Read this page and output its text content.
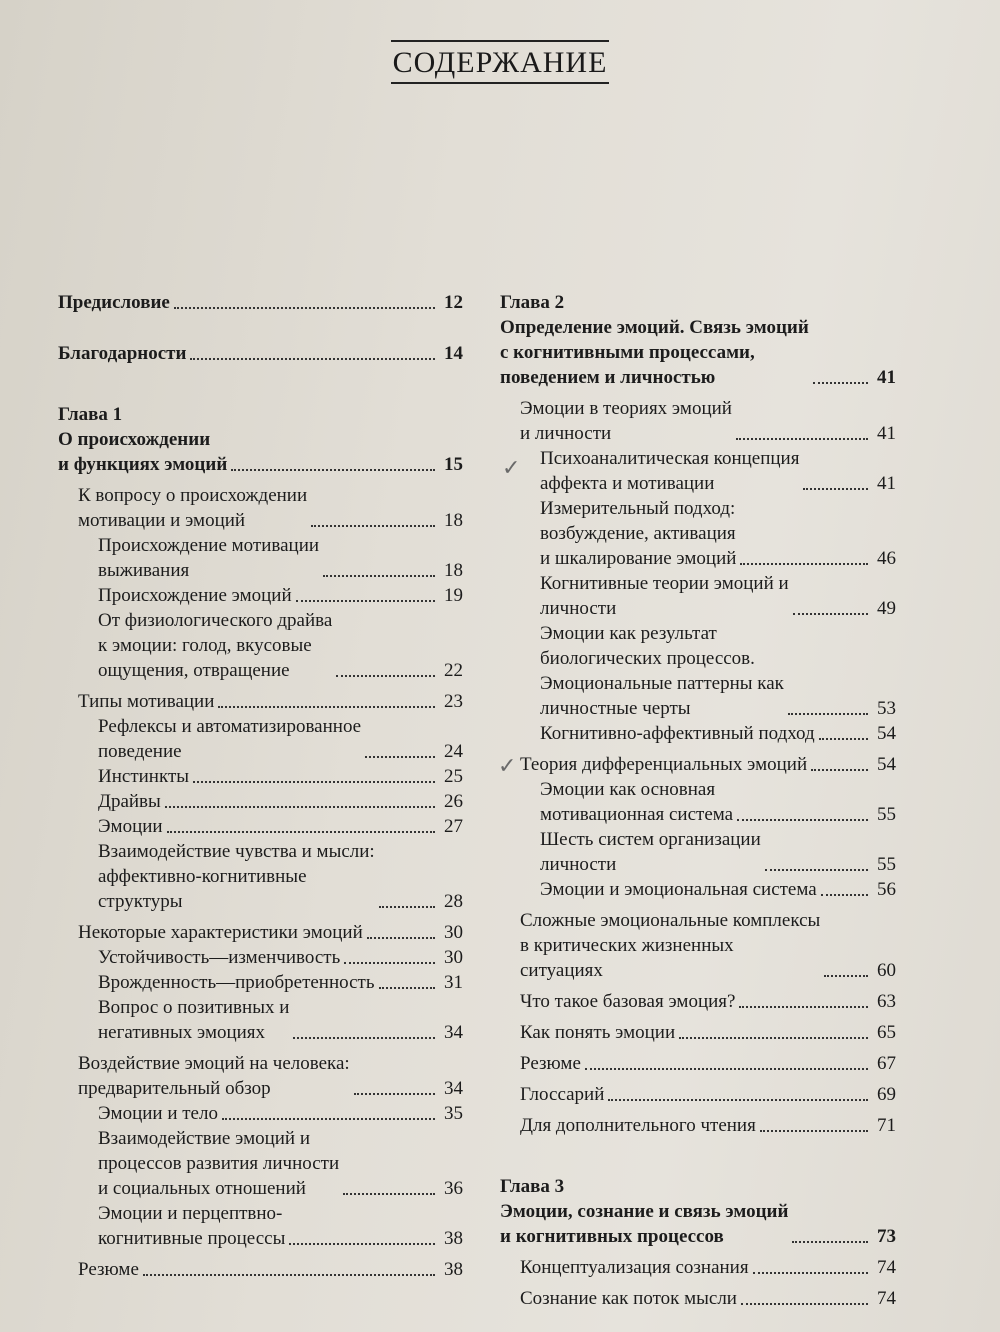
СОДЕРЖАНИЕ
Предисловие	12
Благодарности	14
Глава 1
О происхождении
и функциях эмоций	15
К вопросу о происхождении
мотивации и эмоций	18
Происхождение мотивации
выживания	18
Происхождение эмоций	19
От физиологического драйва
к эмоции: голод, вкусовые
ощущения, отвращение	22
Типы мотивации	23
Рефлексы и автоматизированное
поведение	24
Инстинкты	25
Драйвы	26
Эмоции	27
Взаимодействие чувства и мысли:
аффективно-когнитивные
структуры	28
Некоторые характеристики эмоций	30
Устойчивость—изменчивость	30
Врожденность—приобретенность	31
Вопрос о позитивных и
негативных эмоциях	34
Воздействие эмоций на человека:
предварительный обзор	34
Эмоции и тело	35
Взаимодействие эмоций и
процессов развития личности
и социальных отношений	36
Эмоции и перцептвно-
когнитивные процессы	38
Резюме	38
Глава 2
Определение эмоций. Связь эмоций
с когнитивными процессами,
поведением и личностью	41
Эмоции в теориях эмоций
и личности	41
Психоаналитическая концепция
аффекта и мотивации	41
Измерительный подход:
возбуждение, активация
и шкалирование эмоций	46
Когнитивные теории эмоций и
личности	49
Эмоции как результат
биологических процессов.
Эмоциональные паттерны как
личностные черты	53
Когнитивно-аффективный подход	54
Теория дифференциальных эмоций	54
Эмоции как основная
мотивационная система	55
Шесть систем организации
личности	55
Эмоции и эмоциональная система	56
Сложные эмоциональные комплексы
в критических жизненных
ситуациях	60
Что такое базовая эмоция?	63
Как понять эмоции	65
Резюме	67
Глоссарий	69
Для дополнительного чтения	71
Глава 3
Эмоции, сознание и связь эмоций
и когнитивных процессов	73
Концептуализация сознания	74
Сознание как поток мысли	74
✓
✓
